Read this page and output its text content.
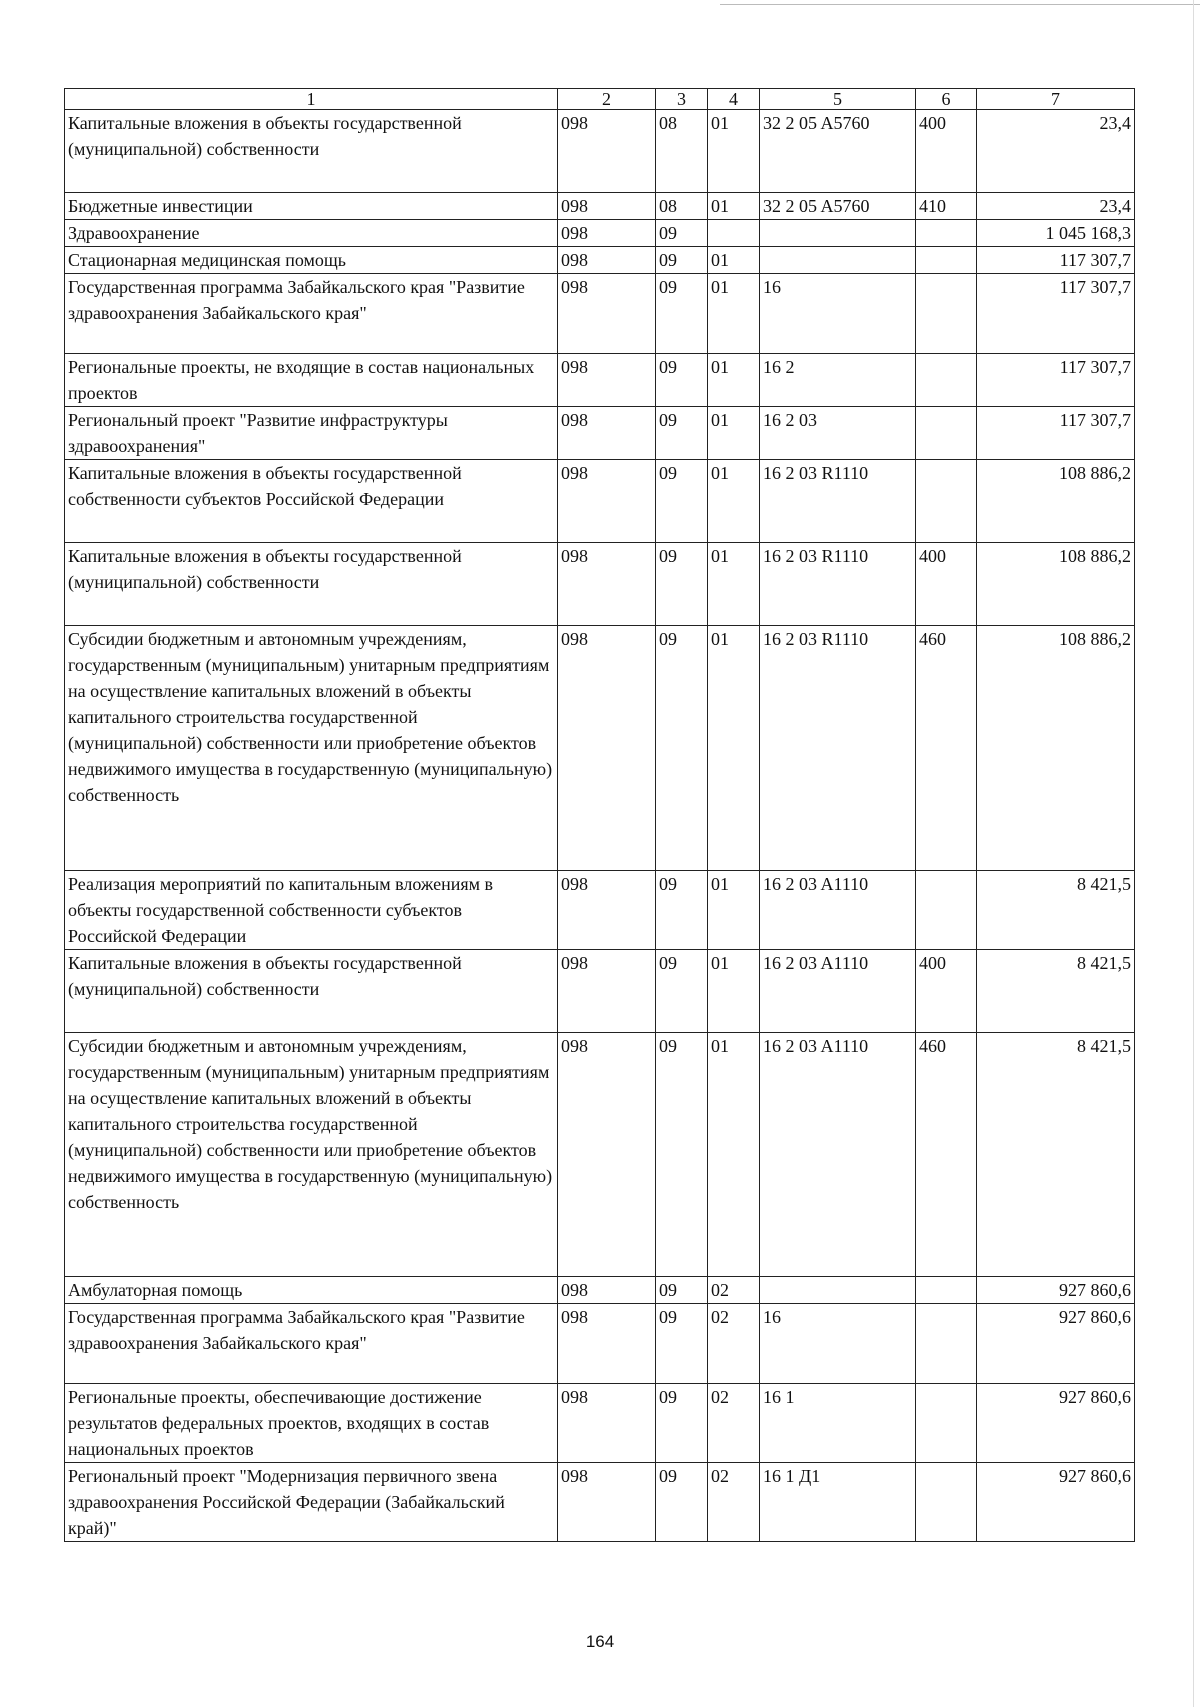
1	2	3	4	5	6	7
Капитальные вложения в объекты государственной (муниципальной) собственности	098	08	01	32 2 05 A5760	400	23,4
Бюджетные инвестиции	098	08	01	32 2 05 A5760	410	23,4
Здравоохранение	098	09				1 045 168,3
Стационарная медицинская помощь	098	09	01			117 307,7
Государственная программа Забайкальского края "Развитие здравоохранения Забайкальского края"	098	09	01	16		117 307,7
Региональные проекты, не входящие в состав национальных проектов	098	09	01	16 2		117 307,7
Региональный проект "Развитие инфраструктуры здравоохранения"	098	09	01	16 2 03		117 307,7
Капитальные вложения в объекты государственной собственности субъектов Российской Федерации	098	09	01	16 2 03 R1110		108 886,2
Капитальные вложения в объекты государственной (муниципальной) собственности	098	09	01	16 2 03 R1110	400	108 886,2
Субсидии бюджетным и автономным учреждениям, государственным (муниципальным) унитарным предприятиям на осуществление капитальных вложений в объекты капитального строительства государственной (муниципальной) собственности или приобретение объектов недвижимого имущества в государственную (муниципальную) собственность	098	09	01	16 2 03 R1110	460	108 886,2
Реализация мероприятий по капитальным вложениям в объекты государственной собственности субъектов Российской Федерации	098	09	01	16 2 03 A1110		8 421,5
Капитальные вложения в объекты государственной (муниципальной) собственности	098	09	01	16 2 03 A1110	400	8 421,5
Субсидии бюджетным и автономным учреждениям, государственным (муниципальным) унитарным предприятиям на осуществление капитальных вложений в объекты капитального строительства государственной (муниципальной) собственности или приобретение объектов недвижимого имущества в государственную (муниципальную) собственность	098	09	01	16 2 03 A1110	460	8 421,5
Амбулаторная помощь	098	09	02			927 860,6
Государственная программа Забайкальского края "Развитие здравоохранения Забайкальского края"	098	09	02	16		927 860,6
Региональные проекты, обеспечивающие достижение результатов федеральных проектов, входящих в состав национальных проектов	098	09	02	16 1		927 860,6
Региональный проект "Модернизация первичного звена здравоохранения Российской Федерации (Забайкальский край)"	098	09	02	16 1 Д1		927 860,6
164
